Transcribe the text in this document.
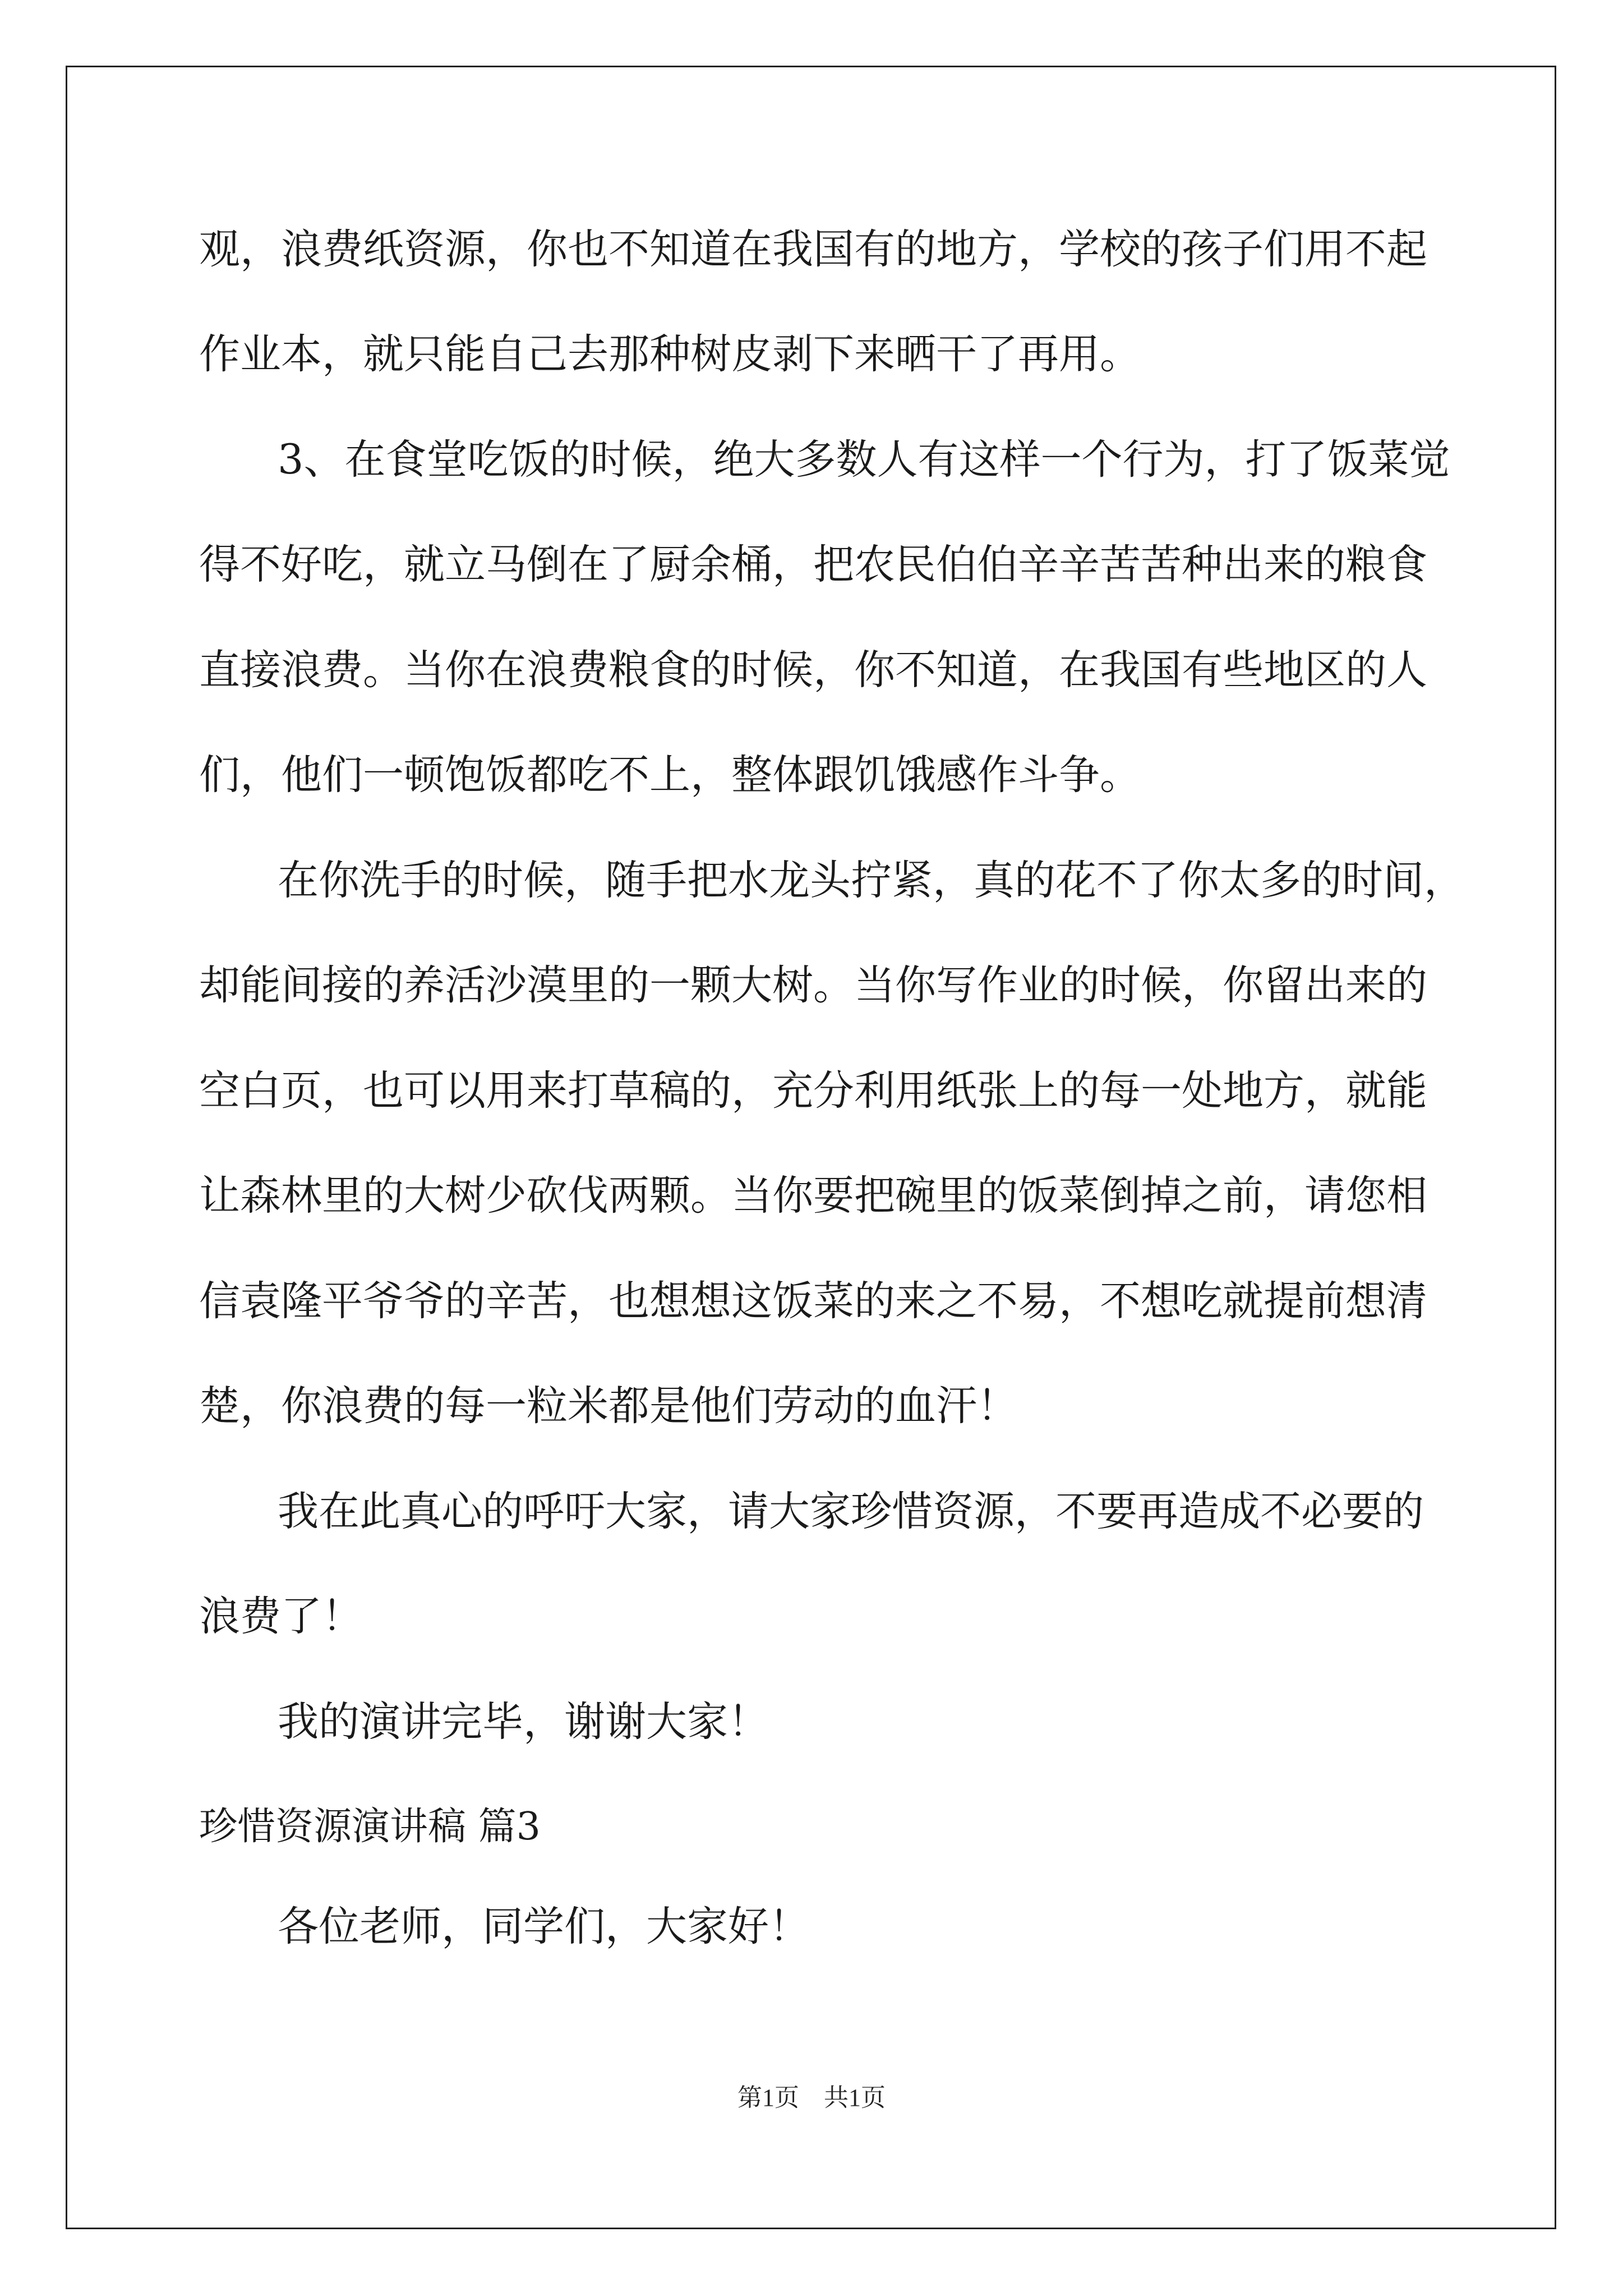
观，浪费纸资源，你也不知道在我国有的地方，学校的孩子们用不起
作业本，就只能自己去那种树皮剥下来晒干了再用。
3、在食堂吃饭的时候，绝大多数人有这样一个行为，打了饭菜觉
得不好吃，就立马倒在了厨余桶，把农民伯伯辛辛苦苦种出来的粮食
直接浪费。当你在浪费粮食的时候，你不知道，在我国有些地区的人
们，他们一顿饱饭都吃不上，整体跟饥饿感作斗争。
在你洗手的时候，随手把水龙头拧紧，真的花不了你太多的时间，
却能间接的养活沙漠里的一颗大树。当你写作业的时候，你留出来的
空白页，也可以用来打草稿的，充分利用纸张上的每一处地方，就能
让森林里的大树少砍伐两颗。当你要把碗里的饭菜倒掉之前，请您相
信袁隆平爷爷的辛苦，也想想这饭菜的来之不易，不想吃就提前想清
楚，你浪费的每一粒米都是他们劳动的血汗！
我在此真心的呼吁大家，请大家珍惜资源，不要再造成不必要的
浪费了！
我的演讲完毕，谢谢大家！
珍惜资源演讲稿 篇3
各位老师，同学们，大家好！
第1页　共1页
